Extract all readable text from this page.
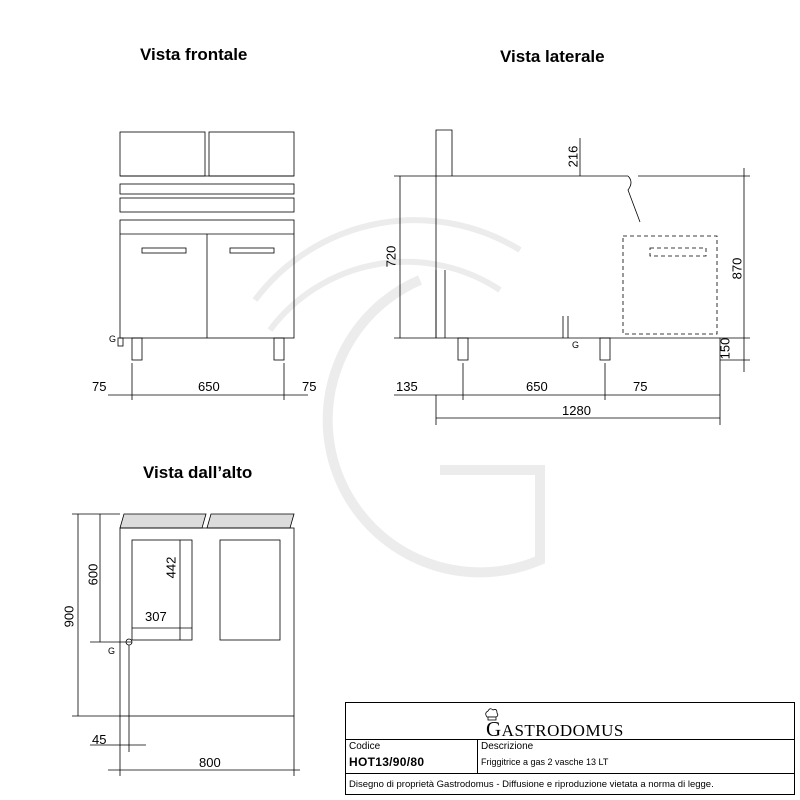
Vista frontale	Vista laterale
Vista dall’alto
75	650	75
G
216
720
870
150
135	650	75
1280
G
442
307
600
900
45
800
G
GASTRODOMUS
Codice
HOT13/90/80
Descrizione
Friggitrice a gas 2 vasche 13 LT
Disegno di proprietà Gastrodomus - Diffusione e riproduzione vietata a norma di legge.
